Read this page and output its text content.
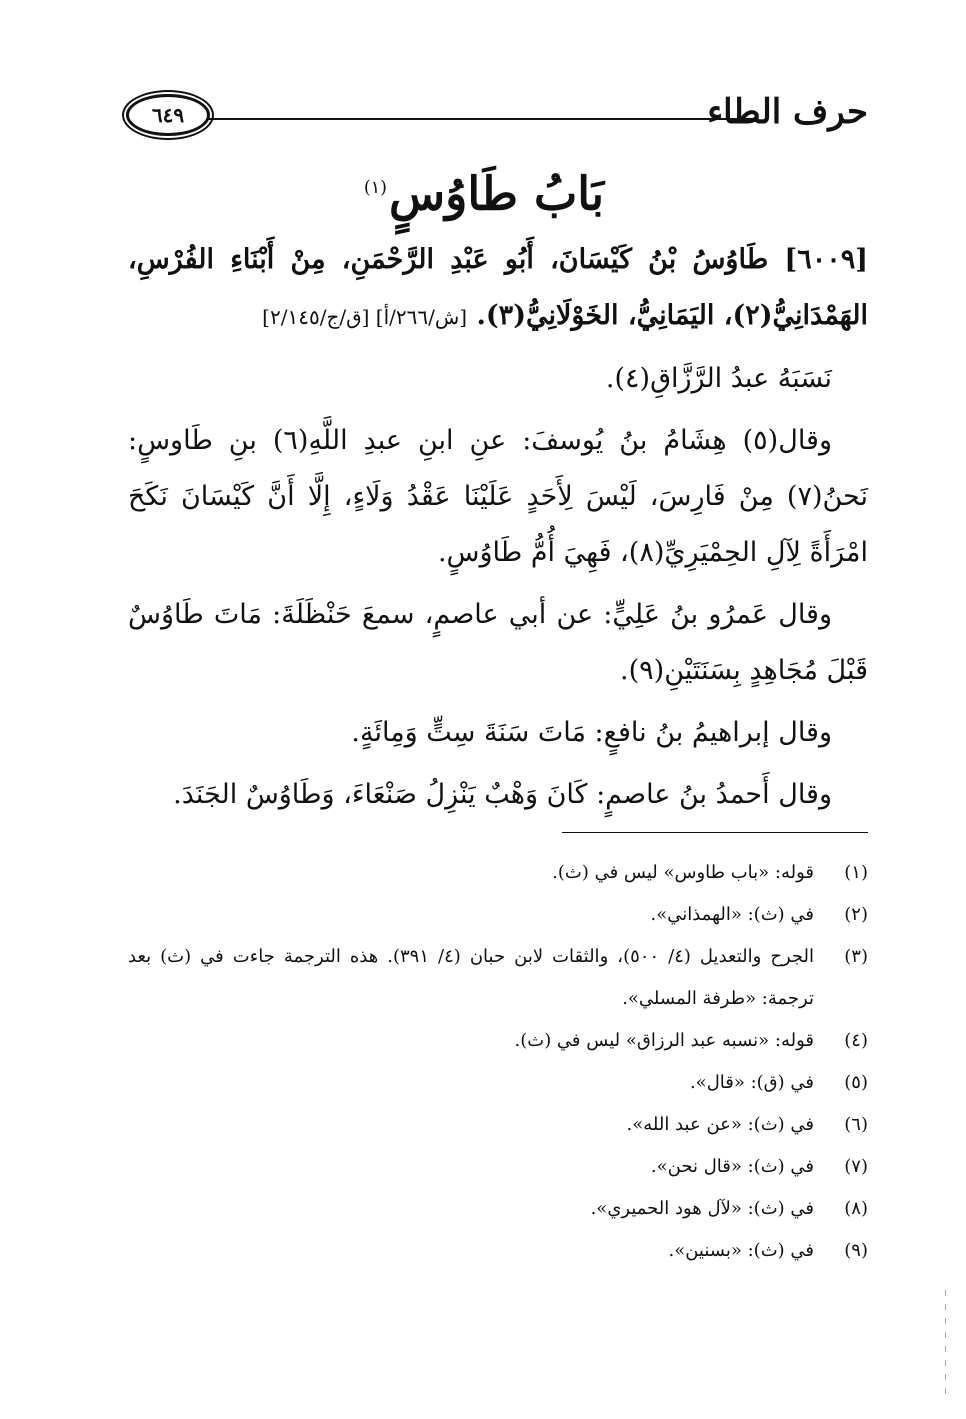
٦٤٩	حرف الطاء
بَابُ طَاوُسٍ$^{(١)}$

[٦٠٠٩] طَاوُسُ بْنُ كَيْسَانَ، أَبُو عَبْدِ الرَّحْمَنِ، مِنْ أَبْنَاءِ الفُرْسِ، الهَمْدَانِيُّ(٢)، اليَمَانِيُّ، الخَوْلَانِيُّ(٣). [ش/٢٦٦/أ] [ق/ج/٢/١٤٥]

نَسَبَهُ عبدُ الرَّزَّاقِ(٤).

وقال(٥) هِشَامُ بنُ يُوسفَ: عنِ ابنِ عبدِ اللَّهِ(٦) بنِ طَاوسٍ: نَحنُ(٧) مِنْ فَارِسَ، لَيْسَ لِأَحَدٍ عَلَيْنَا عَقْدُ وَلَاءٍ، إِلَّا أَنَّ كَيْسَانَ نَكَحَ امْرَأَةً لِآلِ الحِمْيَرِيِّ(٨)، فَهِيَ أُمُّ طَاوُسٍ.

وقال عَمرُو بنُ عَلِيٍّ: عن أبي عاصمٍ، سمعَ حَنْظَلَةَ: مَاتَ طَاوُسٌ قَبْلَ مُجَاهِدٍ بِسَنَتَيْنِ(٩).

وقال إبراهيمُ بنُ نافعٍ: مَاتَ سَنَةَ سِتٍّ وَمِائَةٍ.

وقال أَحمدُ بنُ عاصمٍ: كَانَ وَهْبٌ يَنْزِلُ صَنْعَاءَ، وَطَاوُسٌ الجَنَدَ.

(١)
قوله: «باب طاوس» ليس في (ث).
(٢)
في (ث): «الهمذاني».
(٣)
الجرح والتعديل (٤/ ٥٠٠)، والثقات لابن حبان (٤/ ٣٩١). هذه الترجمة جاءت في (ث) بعد ترجمة: «طرفة المسلي».
(٤)
قوله: «نسبه عبد الرزاق» ليس في (ث).
(٥)
في (ق): «قال».
(٦)
في (ث): «عن عبد الله».
(٧)
في (ث): «قال نحن».
(٨)
في (ث): «لآل هود الحميري».
(٩)
في (ث): «بسنين».
